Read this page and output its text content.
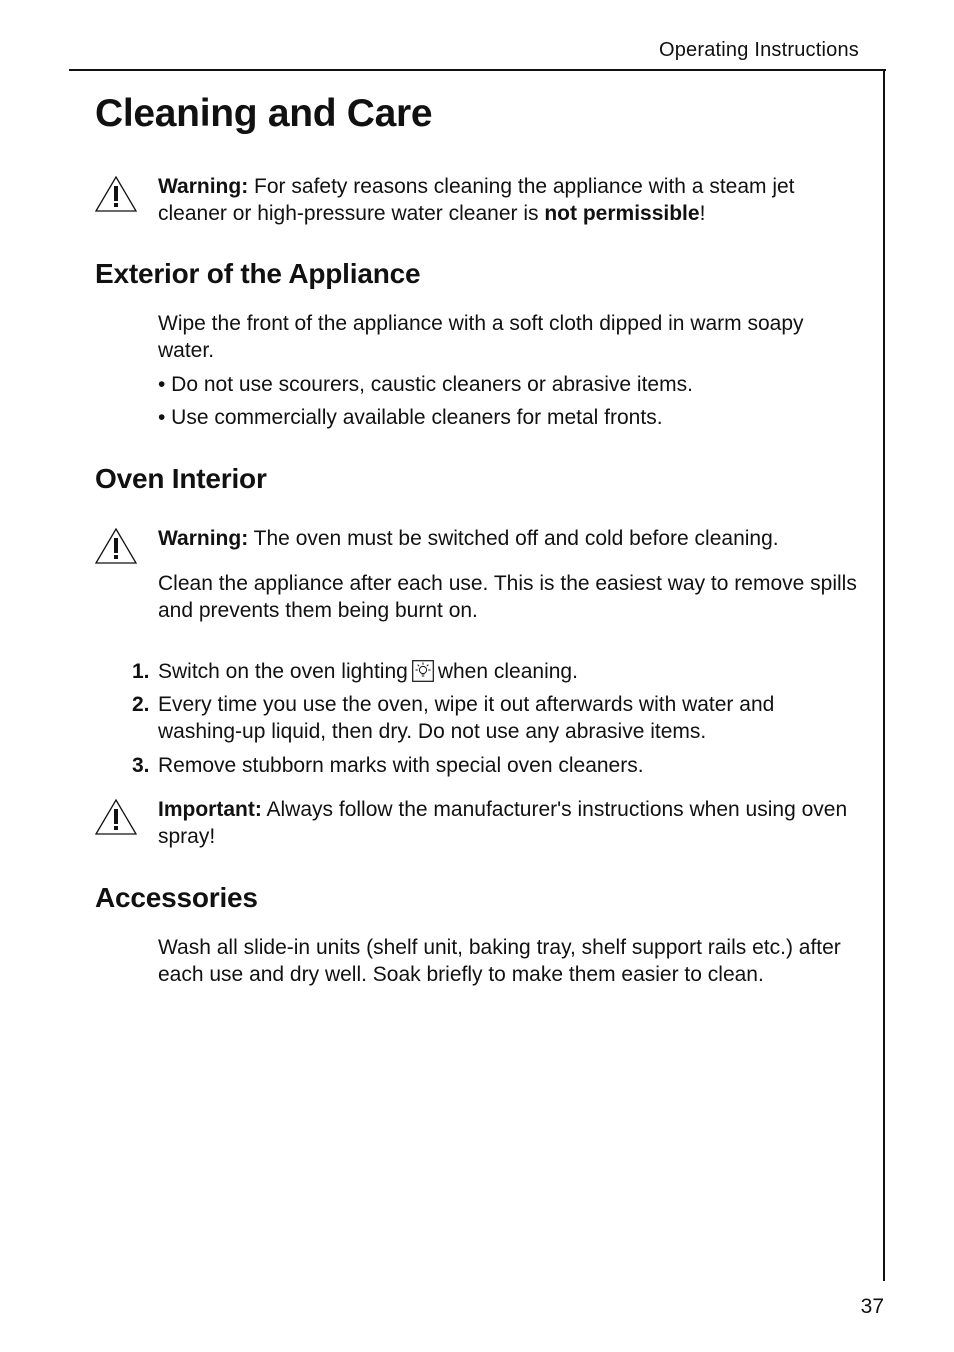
Operating Instructions
Cleaning and Care

Warning: For safety reasons cleaning the appliance with a steam jet cleaner or high-pressure water cleaner is not permissible!

Exterior of the Appliance

Wipe the front of the appliance with a soft cloth dipped in warm soapy water.

• Do not use scourers, caustic cleaners or abrasive items.

• Use commercially available cleaners for metal fronts.

Oven Interior

Warning: The oven must be switched off and cold before cleaning.

Clean the appliance after each use. This is the easiest way to remove spills and prevents them being burnt on.

1. Switch on the oven lighting when cleaning.
2. Every time you use the oven, wipe it out afterwards with water and washing-up liquid, then dry. Do not use any abrasive items.
3. Remove stubborn marks with special oven cleaners.

Important: Always follow the manufacturer's instructions when using oven spray!

Accessories

Wash all slide-in units (shelf unit, baking tray, shelf support rails etc.) after each use and dry well. Soak briefly to make them easier to clean.

37
